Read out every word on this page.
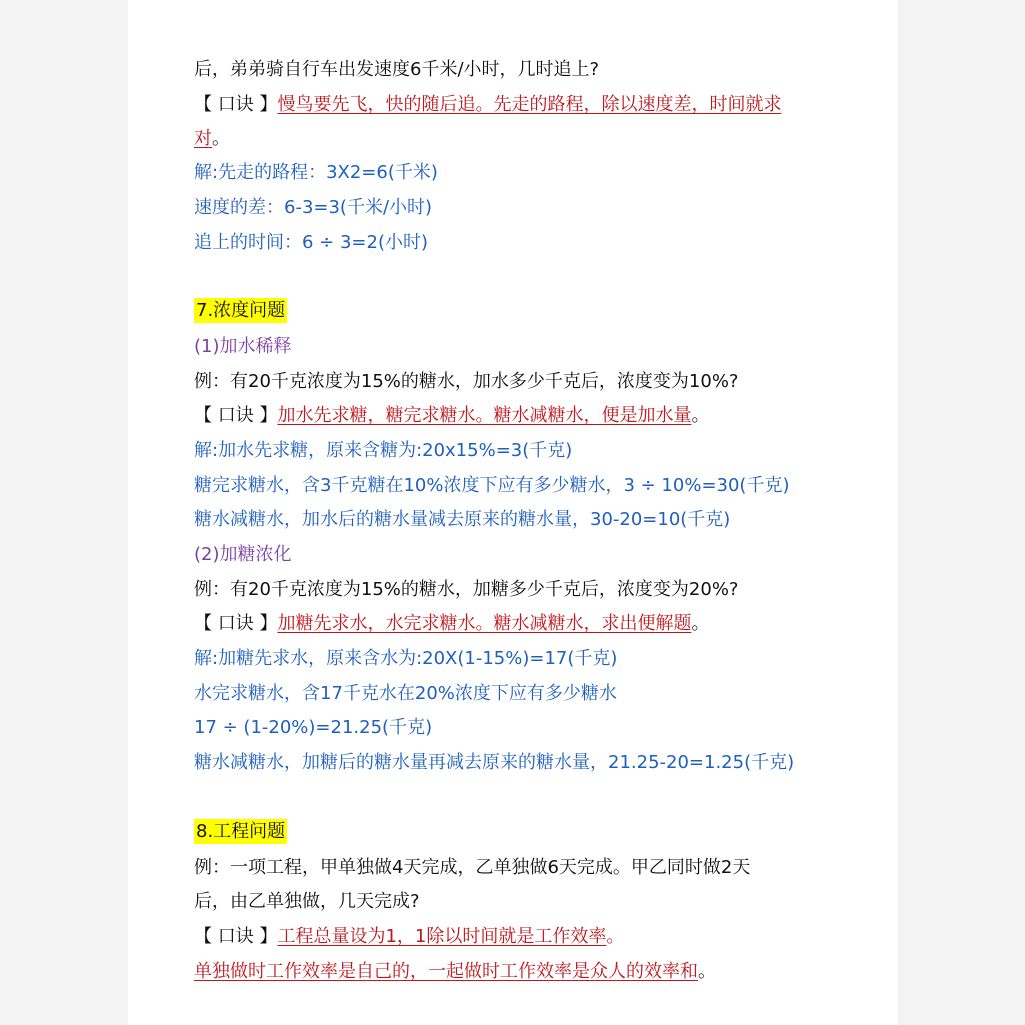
后，弟弟骑自行车出发速度6千米/小时，几时追上?
【 口诀 】慢鸟要先飞，快的随后追。先走的路程，除以速度差，时间就求
对。
解:先走的路程：3X2=6(千米)
速度的差：6-3=3(千米/小时)
追上的时间：6 ÷ 3=2(小时)
7.浓度问题
(1)加水稀释
例：有20千克浓度为15%的糖水，加水多少千克后，浓度变为10%?
【 口诀 】加水先求糖，糖完求糖水。糖水减糖水，便是加水量。
解:加水先求糖，原来含糖为:20x15%=3(千克)
糖完求糖水，含3千克糖在10%浓度下应有多少糖水，3 ÷ 10%=30(千克)
糖水减糖水，加水后的糖水量减去原来的糖水量，30-20=10(千克)
(2)加糖浓化
例：有20千克浓度为15%的糖水，加糖多少千克后，浓度变为20%?
【 口诀 】加糖先求水，水完求糖水。糖水减糖水，求出便解题。
解:加糖先求水，原来含水为:20X(1-15%)=17(千克)
水完求糖水，含17千克水在20%浓度下应有多少糖水
17 ÷ (1-20%)=21.25(千克)
糖水减糖水，加糖后的糖水量再减去原来的糖水量，21.25-20=1.25(千克)
8.工程问题
例：一项工程，甲单独做4天完成，乙单独做6天完成。甲乙同时做2天
后，由乙单独做，几天完成?
【 口诀 】工程总量设为1，1除以时间就是工作效率。
单独做时工作效率是自己的，一起做时工作效率是众人的效率和。
